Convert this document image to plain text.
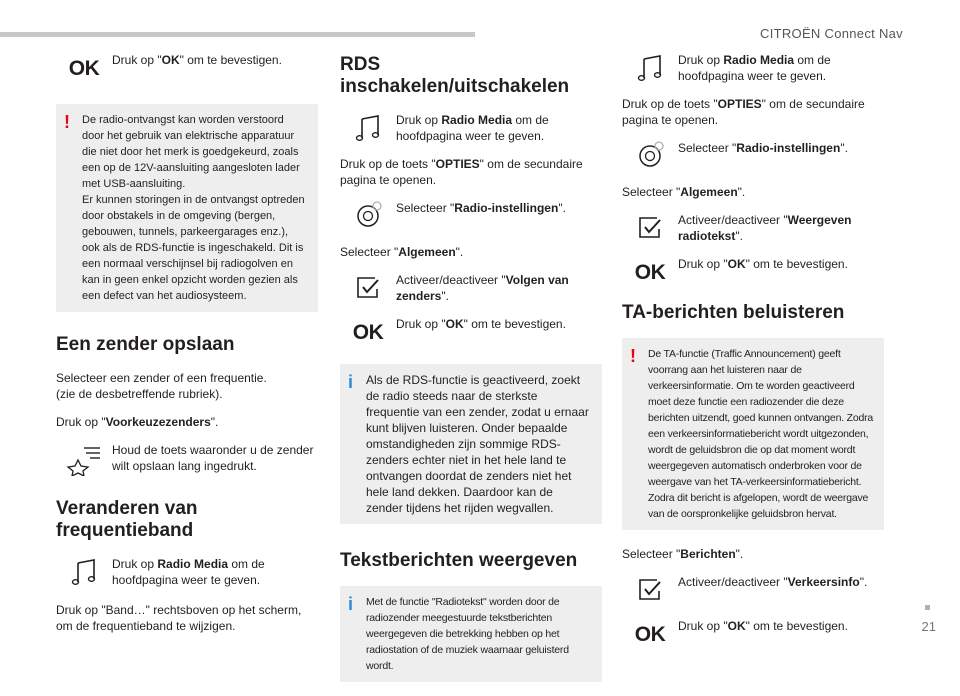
CITROËN Connect Nav
OK Druk op "OK" om te bevestigen.
! De radio-ontvangst kan worden verstoord door het gebruik van elektrische apparatuur die niet door het merk is goedgekeurd, zoals een op de 12V-aansluiting aangesloten lader met USB-aansluiting.
Er kunnen storingen in de ontvangst optreden door obstakels in de omgeving (bergen, gebouwen, tunnels, parkeergarages enz.), ook als de RDS-functie is ingeschakeld. Dit is een normaal verschijnsel bij radiogolven en kan in geen enkel opzicht worden gezien als een defect van het audiosysteem.
Een zender opslaan

Selecteer een zender of een frequentie.
(zie de desbetreffende rubriek).

Druk op "Voorkeuzezenders".

Houd de toets waaronder u de zender wilt opslaan lang ingedrukt.
Veranderen van frequentieband
Druk op Radio Media om de hoofdpagina weer te geven.

Druk op "Band…" rechtsboven op het scherm, om de frequentieband te wijzigen.

RDS inschakelen/uitschakelen
Druk op Radio Media om de hoofdpagina weer te geven.

Druk op de toets "OPTIES" om de secundaire pagina te openen.

Selecteer "Radio-instellingen".

Selecteer "Algemeen".

Activeer/deactiveer "Volgen van zenders".
OK Druk op "OK" om te bevestigen.
i Als de RDS-functie is geactiveerd, zoekt de radio steeds naar de sterkste frequentie van een zender, zodat u ernaar kunt blijven luisteren. Onder bepaalde omstandigheden zijn sommige RDS-zenders echter niet in het hele land te ontvangen doordat de zenders niet het hele land dekken. Daardoor kan de zender tijdens het rijden wegvallen.
Tekstberichten weergeven
i Met de functie "Radiotekst" worden door de radiozender meegestuurde tekstberichten weergegeven die betrekking hebben op het radiostation of de muziek waarnaar geluisterd wordt.
Druk op Radio Media om de hoofdpagina weer te geven.

Druk op de toets "OPTIES" om de secundaire pagina te openen.

Selecteer "Radio-instellingen".

Selecteer "Algemeen".

Activeer/deactiveer "Weergeven radiotekst".
OK Druk op "OK" om te bevestigen.
TA-berichten beluisteren
! De TA-functie (Traffic Announcement) geeft voorrang aan het luisteren naar de verkeersinformatie. Om te worden geactiveerd moet deze functie een radiozender die deze berichten uitzendt, goed kunnen ontvangen. Zodra een verkeersinformatiebericht wordt uitgezonden, wordt de geluidsbron die op dat moment wordt weergegeven automatisch onderbroken voor de weergave van het TA-verkeersinformatiebericht. Zodra dit bericht is afgelopen, wordt de weergave van de oorspronkelijke geluidsbron hervat.

Selecteer "Berichten".

Activeer/deactiveer "Verkeersinfo".
OK Druk op "OK" om te bevestigen.	21
